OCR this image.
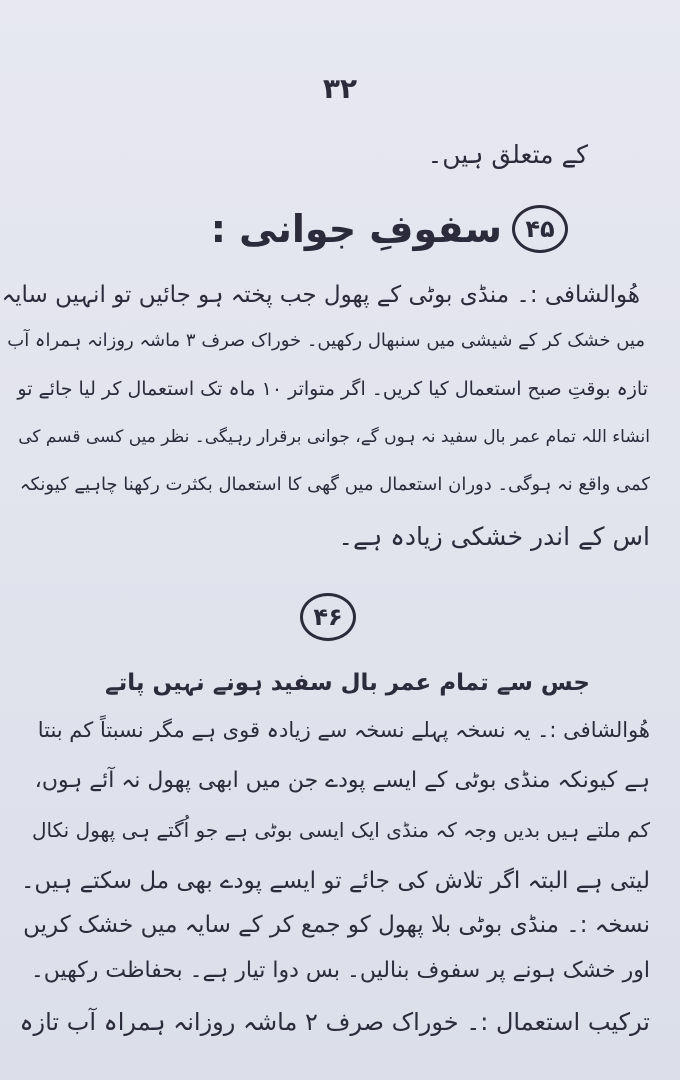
۳۲
کے متعلق ہیں۔
۴۵
سفوفِ جوانی :
ھُوالشافی :۔ منڈی بوٹی کے پھول جب پختہ ہو جائیں تو انہیں سایہ
میں خشک کر کے شیشی میں سنبھال رکھیں۔ خوراک صرف ۳ ماشہ روزانہ ہمراہ آب
تازہ بوقتِ صبح استعمال کیا کریں۔ اگر متواتر ۱۰ ماہ تک استعمال کر لیا جائے تو
انشاء اللہ تمام عمر بال سفید نہ ہوں گے، جوانی برقرار رہیگی۔ نظر میں کسی قسم کی
کمی واقع نہ ہوگی۔ دوران استعمال میں گھی کا استعمال بکثرت رکھنا چاہیے کیونکہ
اس کے اندر خشکی زیادہ ہے۔
۴۶
جس سے تمام عمر بال سفید ہونے نہیں پاتے
ھُوالشافی :۔ یہ نسخہ پہلے نسخہ سے زیادہ قوی ہے مگر نسبتاً کم بنتا
ہے کیونکہ منڈی بوٹی کے ایسے پودے جن میں ابھی پھول نہ آئے ہوں،
کم ملتے ہیں بدیں وجہ کہ منڈی ایک ایسی بوٹی ہے جو اُگتے ہی پھول نکال
لیتی ہے البتہ اگر تلاش کی جائے تو ایسے پودے بھی مل سکتے ہیں۔
نسخہ :۔ منڈی بوٹی بلا پھول کو جمع کر کے سایہ میں خشک کریں
اور خشک ہونے پر سفوف بنالیں۔ بس دوا تیار ہے۔ بحفاظت رکھیں۔
ترکیب استعمال :۔ خوراک صرف ۲ ماشہ روزانہ ہمراہ آب تازہ
